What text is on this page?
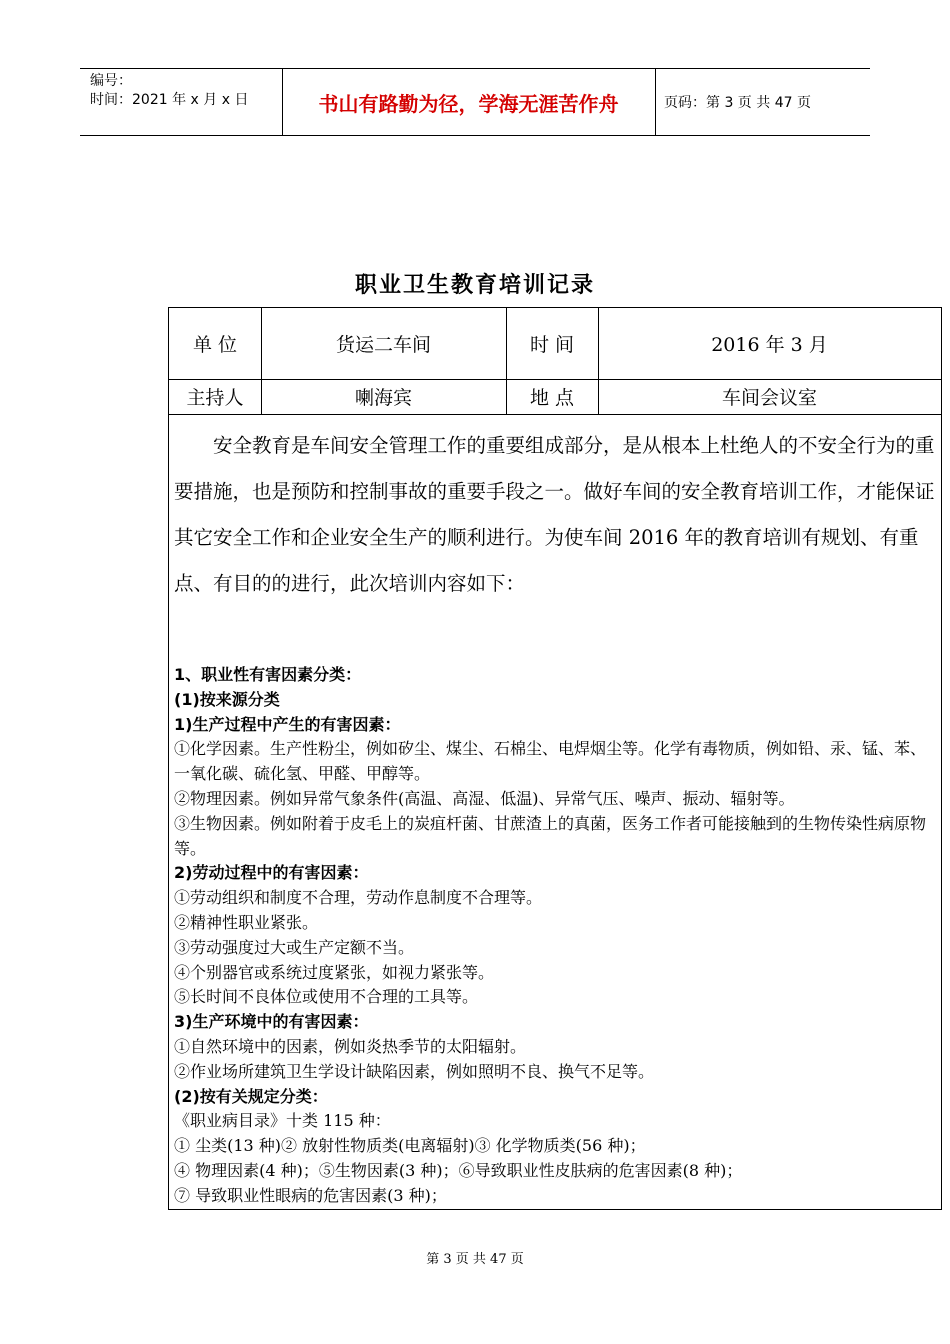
编号：
时间：2021 年 x 月 x 日	书山有路勤为径，学海无涯苦作舟	页码：第 3 页 共 47 页
职业卫生教育培训记录
单 位	货运二车间	时 间	2016 年 3 月
主持人	喇海宾	地 点	车间会议室

安全教育是车间安全管理工作的重要组成部分，是从根本上杜绝人的不安全行为的重要措施，也是预防和控制事故的重要手段之一。做好车间的安全教育培训工作，才能保证其它安全工作和企业安全生产的顺利进行。为使车间 2016 年的教育培训有规划、有重点、有目的的进行，此次培训内容如下：

1、职业性有害因素分类：
(1)按来源分类
1)生产过程中产生的有害因素：
①化学因素。生产性粉尘，例如矽尘、煤尘、石棉尘、电焊烟尘等。化学有毒物质，例如铅、汞、锰、苯、一氧化碳、硫化氢、甲醛、甲醇等。
②物理因素。例如异常气象条件(高温、高湿、低温)、异常气压、噪声、振动、辐射等。
③生物因素。例如附着于皮毛上的炭疽杆菌、甘蔗渣上的真菌，医务工作者可能接触到的生物传染性病原物等。
2)劳动过程中的有害因素：
①劳动组织和制度不合理，劳动作息制度不合理等。
②精神性职业紧张。
③劳动强度过大或生产定额不当。
④个别器官或系统过度紧张，如视力紧张等。
⑤长时间不良体位或使用不合理的工具等。
3)生产环境中的有害因素：
①自然环境中的因素，例如炎热季节的太阳辐射。
②作业场所建筑卫生学设计缺陷因素，例如照明不良、换气不足等。
(2)按有关规定分类：
《职业病目录》十类 115 种：
① 尘类(13 种)② 放射性物质类(电离辐射)③ 化学物质类(56 种)；
④ 物理因素(4 种)；⑤生物因素(3 种)；⑥导致职业性皮肤病的危害因素(8 种)；
⑦ 导致职业性眼病的危害因素(3 种)；
第 3 页 共 47 页
